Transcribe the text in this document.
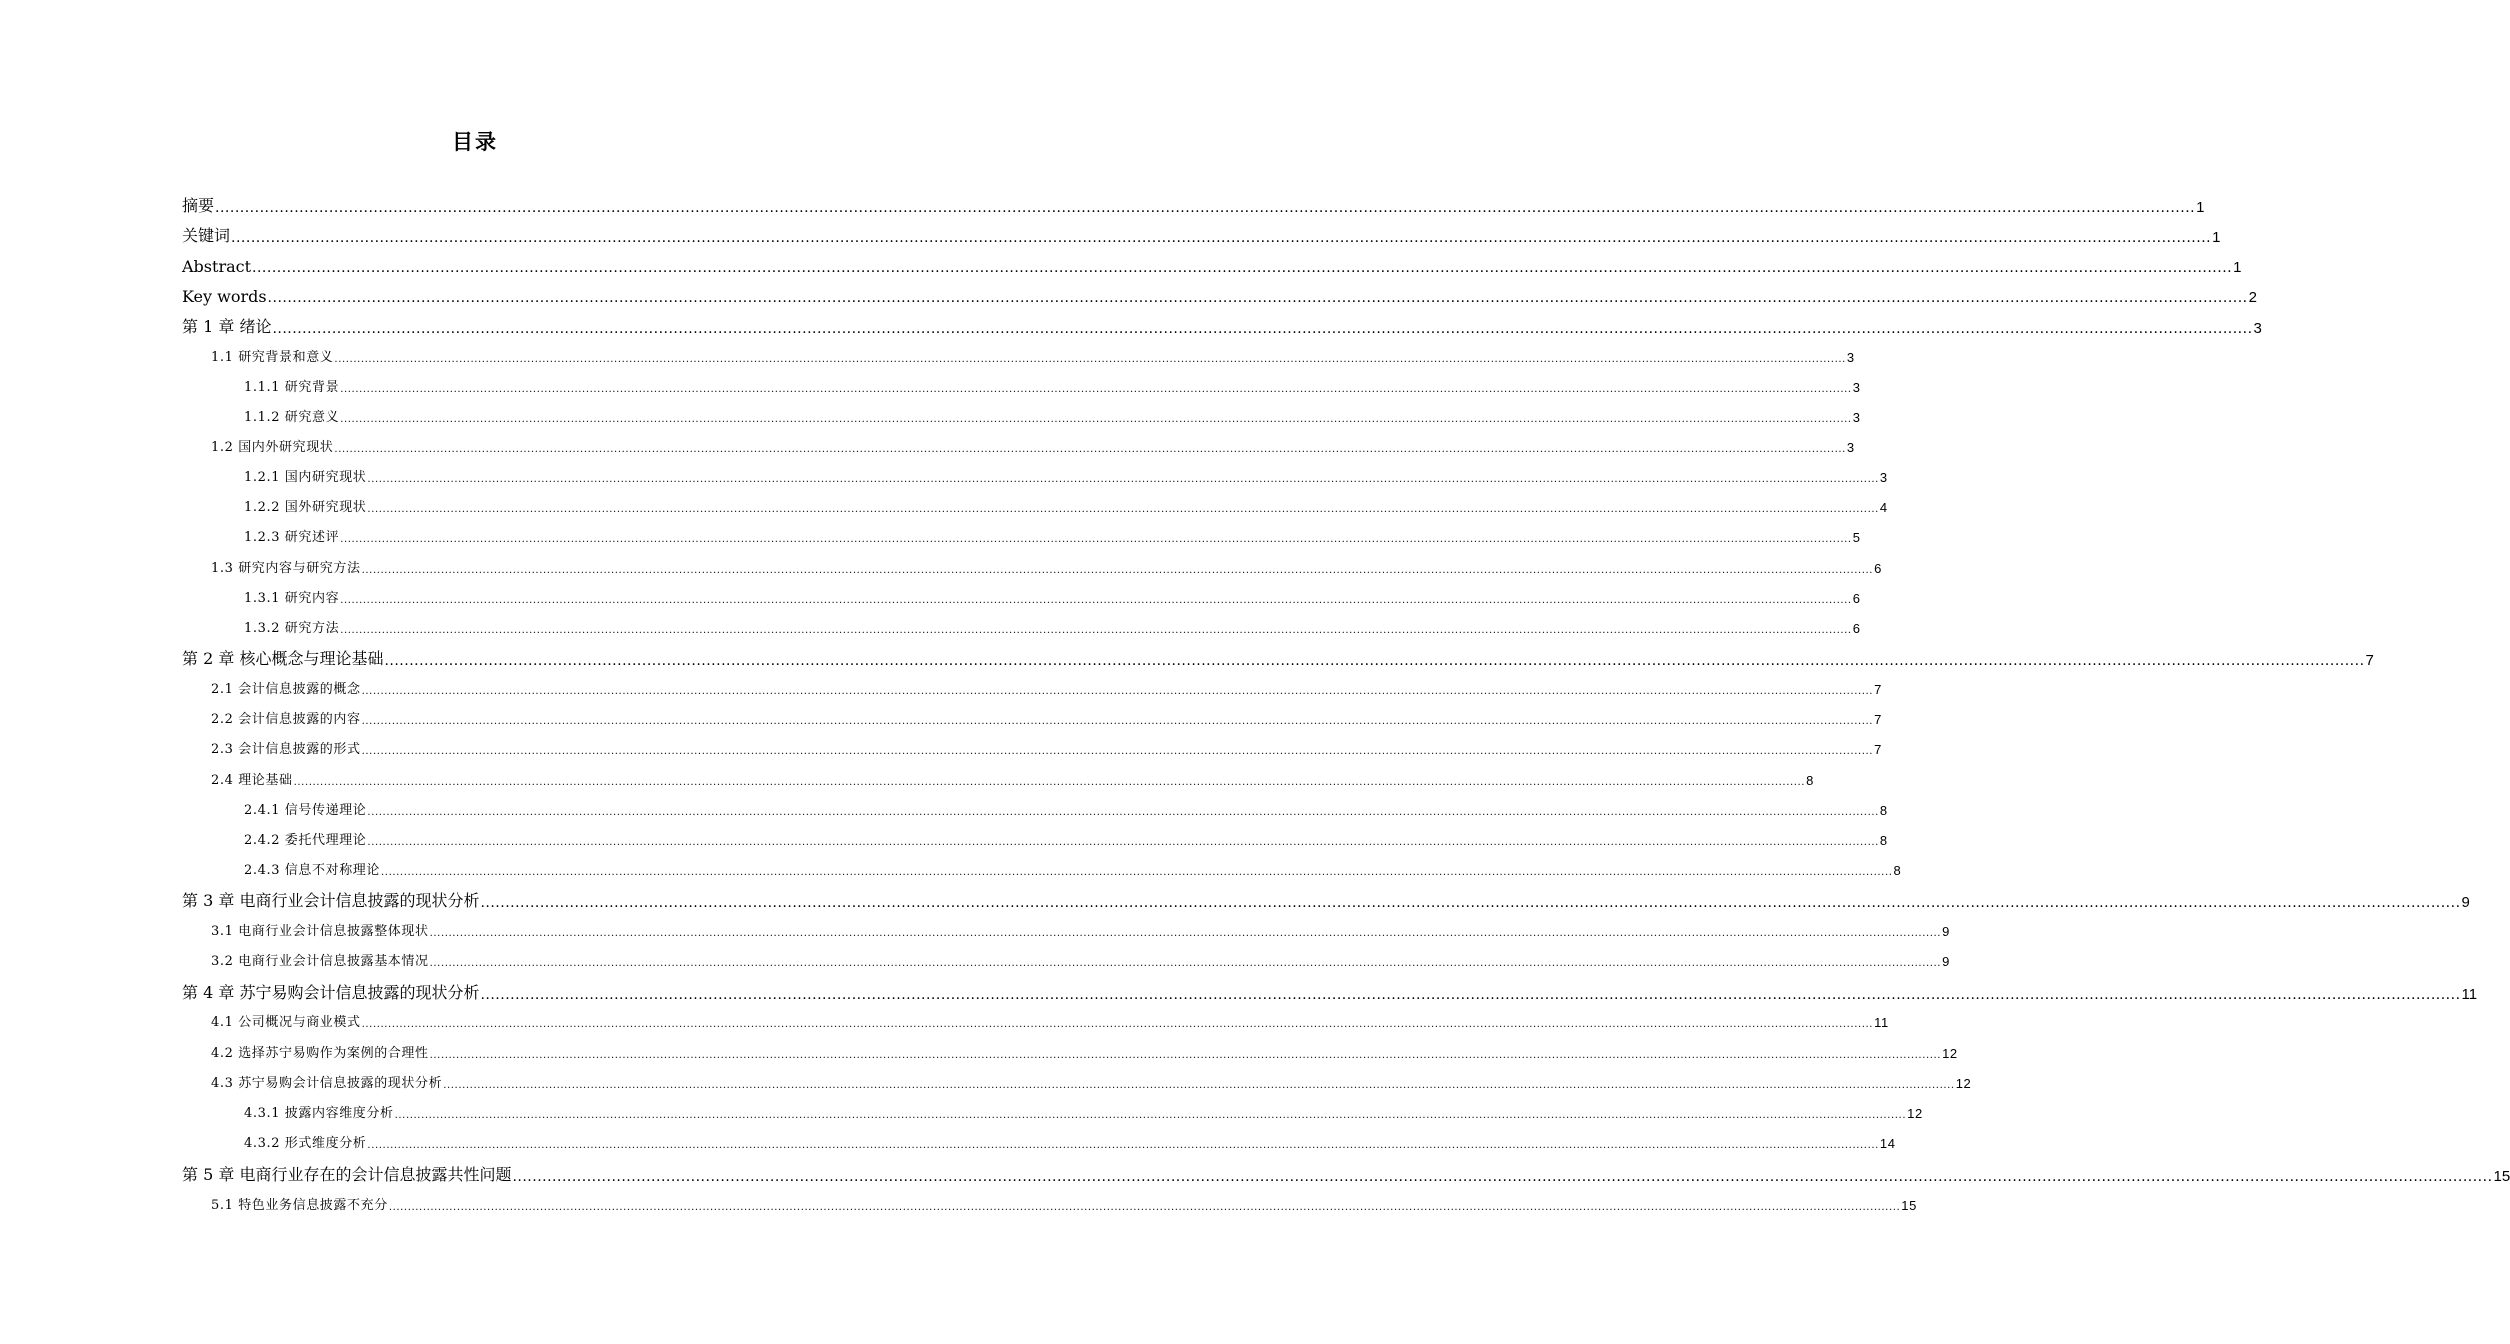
目录
摘要 ................................................................................................................................................................................................................................................................................................................................................................................................................ 1
关键词 ................................................................................................................................................................................................................................................................................................................................................................................................................ 1
Abstract ................................................................................................................................................................................................................................................................................................................................................................................................................ 1
Key words ................................................................................................................................................................................................................................................................................................................................................................................................................ 2
第 1 章 绪论 ................................................................................................................................................................................................................................................................................................................................................................................................................ 3
1.1 研究背景和意义 ................................................................................................................................................................................................................................................................................................................................................................................................................ 3
1.1.1 研究背景 ................................................................................................................................................................................................................................................................................................................................................................................................................ 3
1.1.2 研究意义 ................................................................................................................................................................................................................................................................................................................................................................................................................ 3
1.2 国内外研究现状 ................................................................................................................................................................................................................................................................................................................................................................................................................ 3
1.2.1 国内研究现状 ................................................................................................................................................................................................................................................................................................................................................................................................................ 3
1.2.2 国外研究现状 ................................................................................................................................................................................................................................................................................................................................................................................................................ 4
1.2.3 研究述评 ................................................................................................................................................................................................................................................................................................................................................................................................................ 5
1.3 研究内容与研究方法 ................................................................................................................................................................................................................................................................................................................................................................................................................ 6
1.3.1 研究内容 ................................................................................................................................................................................................................................................................................................................................................................................................................ 6
1.3.2 研究方法 ................................................................................................................................................................................................................................................................................................................................................................................................................ 6
第 2 章 核心概念与理论基础 ................................................................................................................................................................................................................................................................................................................................................................................................................ 7
2.1 会计信息披露的概念 ................................................................................................................................................................................................................................................................................................................................................................................................................ 7
2.2 会计信息披露的内容 ................................................................................................................................................................................................................................................................................................................................................................................................................ 7
2.3 会计信息披露的形式 ................................................................................................................................................................................................................................................................................................................................................................................................................ 7
2.4 理论基础 ................................................................................................................................................................................................................................................................................................................................................................................................................ 8
2.4.1 信号传递理论 ................................................................................................................................................................................................................................................................................................................................................................................................................ 8
2.4.2 委托代理理论 ................................................................................................................................................................................................................................................................................................................................................................................................................ 8
2.4.3 信息不对称理论 ................................................................................................................................................................................................................................................................................................................................................................................................................ 8
第 3 章 电商行业会计信息披露的现状分析 ................................................................................................................................................................................................................................................................................................................................................................................................................ 9
3.1 电商行业会计信息披露整体现状 ................................................................................................................................................................................................................................................................................................................................................................................................................ 9
3.2 电商行业会计信息披露基本情况 ................................................................................................................................................................................................................................................................................................................................................................................................................ 9
第 4 章 苏宁易购会计信息披露的现状分析 ................................................................................................................................................................................................................................................................................................................................................................................................................ 11
4.1 公司概况与商业模式 ................................................................................................................................................................................................................................................................................................................................................................................................................ 11
4.2 选择苏宁易购作为案例的合理性 ................................................................................................................................................................................................................................................................................................................................................................................................................ 12
4.3 苏宁易购会计信息披露的现状分析 ................................................................................................................................................................................................................................................................................................................................................................................................................ 12
4.3.1 披露内容维度分析 ................................................................................................................................................................................................................................................................................................................................................................................................................ 12
4.3.2 形式维度分析 ................................................................................................................................................................................................................................................................................................................................................................................................................ 14
第 5 章 电商行业存在的会计信息披露共性问题 ................................................................................................................................................................................................................................................................................................................................................................................................................ 15
5.1 特色业务信息披露不充分 ................................................................................................................................................................................................................................................................................................................................................................................................................ 15
